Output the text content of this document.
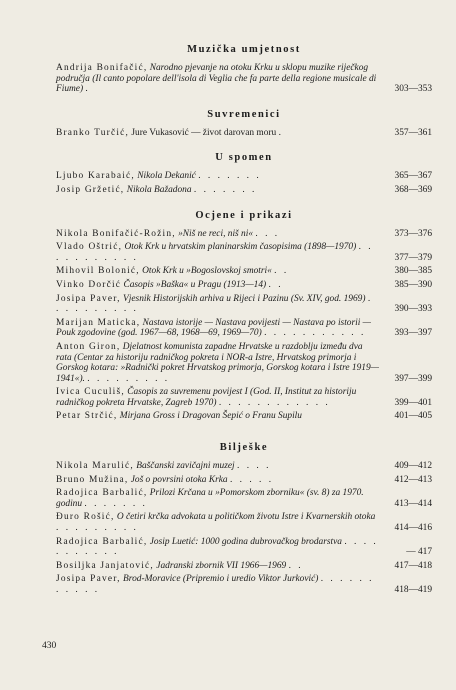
Muzička umjetnost
Andrija Bonifačić, Narodno pjevanje na otoku Krku u sklopu muzike riječkog područja (Il canto popolare dell'isola di Veglia che fa parte della regione musicale di Fiume) .	303—353
Suvremenici
Branko Turčić, Jure Vukasović — život darovan moru .	357—361
U spomen
Ljubo Karabaić, Nikola Dekanić . . . . . . .	365—367
Josip Gržetić, Nikola Bažadona . . . . . . .	368—369
Ocjene i prikazi
Nikola Bonifačić-Rožin, »Niš ne reci, niš ni« . . .	373—376
Vlado Oštrić, Otok Krk u hrvatskim planinarskim časopisima (1898—1970) . . . . . . . . . . .	377—379
Mihovil Bolonić, Otok Krk u »Bogoslovskoj smotri« . .	380—385
Vinko Dorčić Časopis »Baška« u Pragu (1913—14) . .	385—390
Josipa Paver, Vjesnik Historijskih arhiva u Rijeci i Pazinu (Sv. XIV, god. 1969) . . . . . . . . . .	390—393
Marijan Maticka, Nastava istorije — Nastava povijesti — Nastava po istorii — Pouk zgodovine (god. 1967—68, 1968—69, 1969—70) . . . . . . . . . . .	393—397
Anton Giron, Djelatnost komunista zapadne Hrvatske u razdoblju između dva rata (Centar za historiju radničkog pokreta i NOR-a Istre, Hrvatskog primorja i Gorskog kotara: »Radnički pokret Hrvatskog primorja, Gorskog kotara i Istre 1919—1941«). . . . . . . . . .	397—399
Ivica Cuculiš, Časopis za suvremenu povijest I (God. II, Institut za historiju radničkog pokreta Hrvatske, Zagreb 1970) . . . . . . . . . . . .	399—401
Petar Strčić, Mirjana Gross i Dragovan Šepić o Franu Supilu	401—405
Bilješke
Nikola Marulić, Baščanski zavičajni muzej . . . .	409—412
Bruno Mužina, Još o povrsini otoka Krka . . . . .	412—413
Radojica Barbalić, Prilozi Krčana u »Pomorskom zborniku« (sv. 8) za 1970. godinu . . . . . . .	413—414
Đuro Rošić, O četiri krčka advokata u političkom životu Istre i Kvarnerskih otoka . . . . . . . . .	414—416
Radojica Barbalić, Josip Luetić: 1000 godina dubrovačkog brodarstva . . . . . . . . . . .	— 417
Bosiljka Janjatović, Jadranski zbornik VII 1966—1969 . .	417—418
Josipa Paver, Brod-Moravice (Pripremio i uredio Viktor Jurković) . . . . . . . . . . .	418—419
430
